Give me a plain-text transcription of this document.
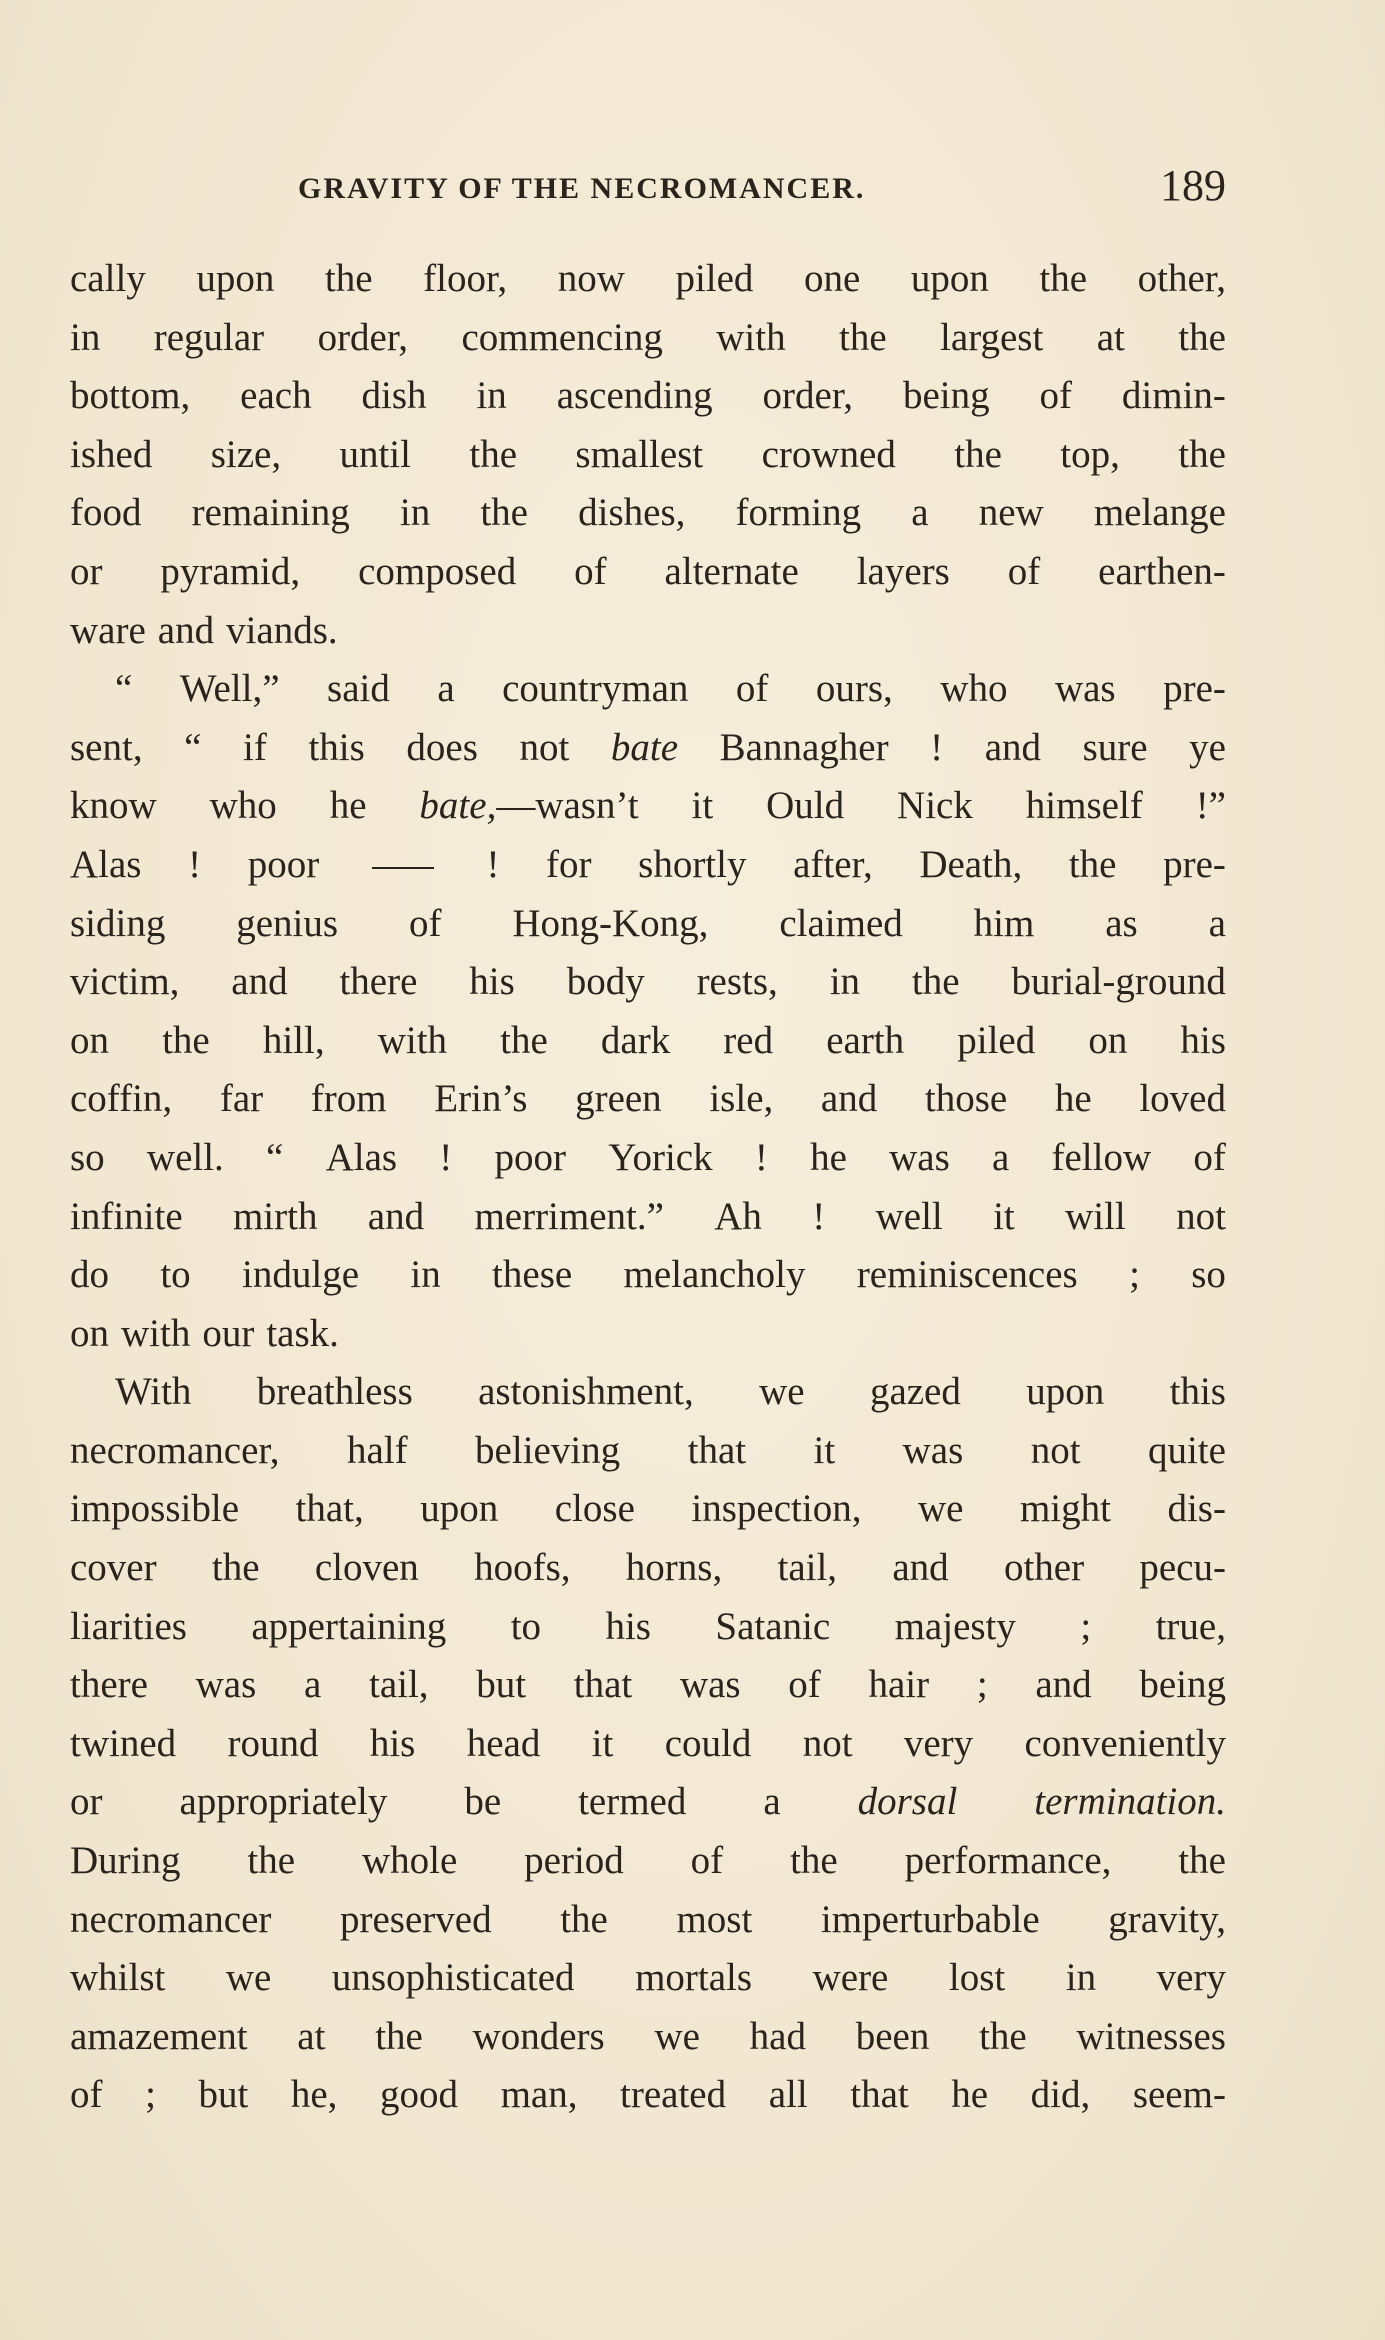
GRAVITY OF THE NECROMANCER.	189
cally upon the floor, now piled one upon the other,
in regular order, commencing with the largest at the
bottom, each dish in ascending order, being of dimin-
ished size, until the smallest crowned the top, the
food remaining in the dishes, forming a new melange
or pyramid, composed of alternate layers of earthen-
ware and viands.
“ Well,” said a countryman of ours, who was pre-
sent, “ if this does not bate Bannagher ! and sure ye
know who he bate,—wasn’t it Ould Nick himself !”
Alas ! poor	! for shortly after, Death, the pre-
siding genius of Hong-Kong, claimed him as a
victim, and there his body rests, in the burial-ground
on the hill, with the dark red earth piled on his
coffin, far from Erin’s green isle, and those he loved
so well. “ Alas ! poor Yorick ! he was a fellow of
infinite mirth and merriment.” Ah ! well it will not
do to indulge in these melancholy reminiscences ; so
on with our task.
With breathless astonishment, we gazed upon this
necromancer, half believing that it was not quite
impossible that, upon close inspection, we might dis-
cover the cloven hoofs, horns, tail, and other pecu-
liarities appertaining to his Satanic majesty ; true,
there was a tail, but that was of hair ; and being
twined round his head it could not very conveniently
or appropriately be termed a dorsal termination.
During the whole period of the performance, the
necromancer preserved the most imperturbable gravity,
whilst we unsophisticated mortals were lost in very
amazement at the wonders we had been the witnesses
of ; but he, good man, treated all that he did, seem-
